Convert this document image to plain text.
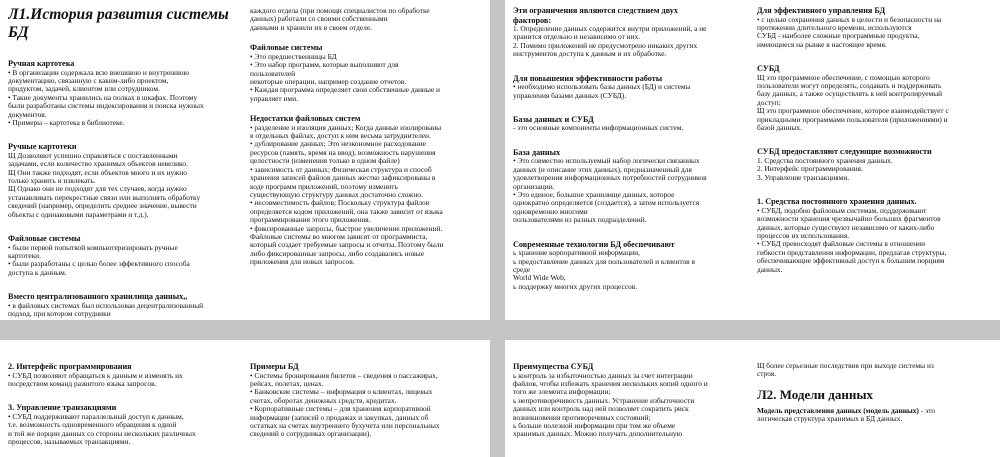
Л1.История развития системы БД
Ручная картотека
• В организации содержала всю внешнюю и внутреннюю
документацию, связанную с каким-либо проектом,
продуктом, задачей, клиентом или сотрудником.
• Такие документы хранились на полках в шкафах. Поэтому
были разработаны системы индексирования и поиска нужных
документов.
• Примеры – картотека в библиотеке.
Ручные картотеки
Щ Дозволяют успешно справляться с поставленными
задачами, если количество хранимых объектов невелико.
Щ Они также подходят, если объектов много и их нужно
только хранить и извлекать.
Щ Однако они не подходят для тех случаев, когда нужно
устанавливать перекрестные связи или выполнять обработку
сведений (например, определить среднее значение, вывести
объекты с одинаковыми параметрами и т.д.).
Файловые системы
• были первой попыткой компьютеризировать ручные
картотеки.
• были разработаны с целью более эффективного способа
доступа к данным.
Вместо централизованного хранилища данных,,
• в файловых системах был использован децентрализованный
подход, при котором сотрудники
каждого отдела (при помощи специалистов по обработке
данных) работали со своими собственными
данными и хранили их в своем отделе.
Файловые системы
• Это предшественницы БД
• Это набор программ, которые выполняют для
пользователей
некоторые операции, например создание отчетов.
• Каждая программа определяет свои собственные данные и
управляет ими.
Недостатки файловых систем
• разделение и изоляция данных; Когда данные изолированы
в отдельных файлах, доступ к ним весьма затруднителен.
• дублирование данных; Это неэкономное расходование
ресурсов (память, время на ввод), возможность нарушения
целостности (изменения только в одном файле)
• зависимость от данных; Физическая структура и способ
хранения записей файлов данных жестко зафиксированы в
коде программ приложений, поэтому изменить
существующую структуру данных достаточно сложно.
• несовместимость файлов; Поскольку структура файлов
определяется кодом приложений, она также зависит от языка
программирования этого приложения.
• фиксированные запросы, быстрое увеличение приложений.
Файловые системы во многом зависят от программиста,
который создает требуемые запросы и отчеты. Поэтому были
либо фиксированные запросы, либо создавались новые
приложения для новых запросов.
Эти ограничения являются следствием двух
факторов:
1. Определение данных содержится внутри приложений, а не
хранится отдельно и независимо от них.
2. Помимо приложений не предусмотрено никаких других
инструментов доступа к данным и их обработке.
Для повышения эффективности работы
• необходимо использовать базы данных (БД) и системы
управления базами данных (СУБД).
Базы данных и СУБД
- это основные компоненты информационных систем.
База данных
• Это совместно используемый набор логически связанных
данных (и описание этих данных), предназначенный для
удовлетворения информационных потребностей сотрудников
организации.
• Это единое, большое хранилище данных, которое
однократно определяется (создается), а затем используется
одновременно многими
пользователями из разных подразделений.
Современные технологии БД обеспечивают
ь хранение корпоративной информации,
ь предоставление данных для пользователей и клиентов в
среде
World Wide Web,
ь поддержку многих других процессов.
Для эффективного управления БД
• с целью сохранения данных в целости и безопасности на
протяжении длительного времени, используются
СУБД - наиболее сложные программные продукты,
имеющиеся на рынке в настоящее время.
СУБД
Щ это программное обеспечение, с помощью которого
пользователи могут определять, создавать и поддерживать
базу данных, а также осуществлять к ней контролируемый
доступ;
Щ это программное обеспечение, которое взаимодействует с
прикладными программами пользователя (приложениями) и
базой данных.
СУБД предоставляют следующие возможности
1. Средства постоянного хранения данных.
2. Интерфейс программирования.
3. Управление транзакциями.
1. Средства постоянного хранения данных.
• СУБД, подобно файловым системам, поддерживают
возможности хранения чрезвычайно больших фрагментов
данных, которые существуют независимо от каких-либо
процессов их использования.
• СУБД превосходят файловые системы в отношении
гибкости представления информации, предлагая структуры,
обеспечивающие эффективный доступ к большим порциям
данных.
2. Интерфейс программирования
• СУБД позволяют обращаться к данным и изменять их
посредством команд развитого языка запросов.
3. Управление транзакциями
• СУБД поддерживают параллельный доступ к данным,
т.е. возможность одновременного обращения к одной
и той же порции данных со стороны нескольких различных
процессов, называемых транзакциями.
Примеры БД
• Системы бронирования билетов – сведения о пассажирах,
рейсах, полетах, ценах.
• Банковские системы – информация о клиентах, лицевых
счетах, оборотах денежных средств, кредитах.
• Корпоративные системы – для хранения корпоративной
информации (записей о продажах и закупках, данных об
остатках на счетах внутреннего бухучета или персональных
сведений о сотрудниках организации).
Преимущества СУБД
ь контроль за избыточностью данных за счет интеграции
файлов, чтобы избежать хранения нескольких копий одного и
того же элемента информации;
ь непротиворечивость данных. Устранение избыточности
данных или контроль над ней позволяет сократить риск
возникновения противоречивых состояний;
ь больше полезной информации при том же объеме
хранимых данных. Можно получать дополнительную
Щ более серьезные последствия при выходе системы из
строя.
Л2. Модели данных
Модель представления данных (модель данных) - это
логическая структура хранимых в БД данных.
